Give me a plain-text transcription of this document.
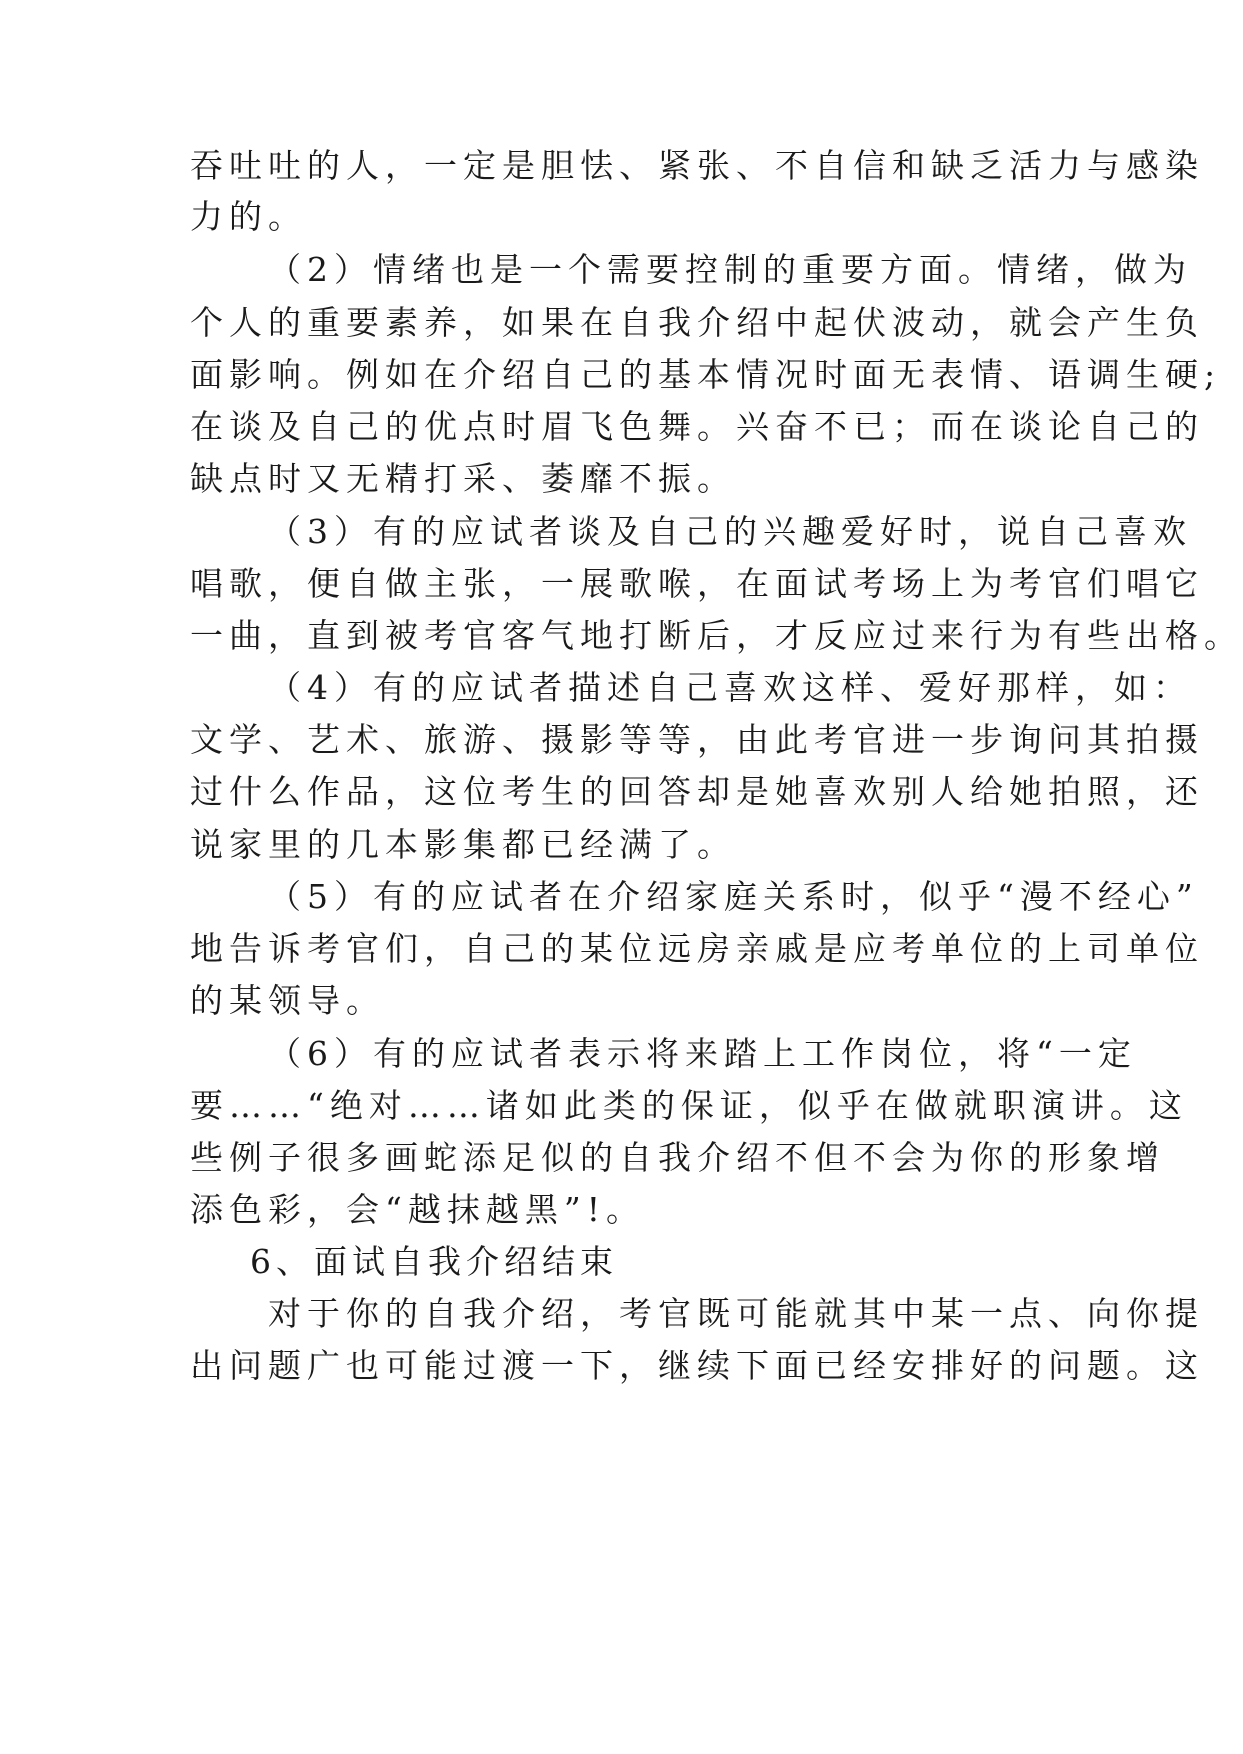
吞吐吐的人，一定是胆怯、紧张、不自信和缺乏活力与感染

力的。

（2）情绪也是一个需要控制的重要方面。情绪，做为

个人的重要素养，如果在自我介绍中起伏波动，就会产生负

面影响。例如在介绍自己的基本情况时面无表情、语调生硬;

在谈及自己的优点时眉飞色舞。兴奋不已；而在谈论自己的

缺点时又无精打采、萎靡不振。

（3）有的应试者谈及自己的兴趣爱好时，说自己喜欢

唱歌，便自做主张，一展歌喉，在面试考场上为考官们唱它

一曲，直到被考官客气地打断后，才反应过来行为有些出格。

（4）有的应试者描述自己喜欢这样、爱好那样，如：

文学、艺术、旅游、摄影等等，由此考官进一步询问其拍摄

过什么作品，这位考生的回答却是她喜欢别人给她拍照，还

说家里的几本影集都已经满了。

（5）有的应试者在介绍家庭关系时，似乎“漫不经心”

地告诉考官们，自己的某位远房亲戚是应考单位的上司单位

的某领导。

（6）有的应试者表示将来踏上工作岗位，将“一定

要……“绝对……诸如此类的保证，似乎在做就职演讲。这

些例子很多画蛇添足似的自我介绍不但不会为你的形象增

添色彩，会“越抹越黑”!。

6、面试自我介绍结束

对于你的自我介绍，考官既可能就其中某一点、向你提

出问题广也可能过渡一下，继续下面已经安排好的问题。这
